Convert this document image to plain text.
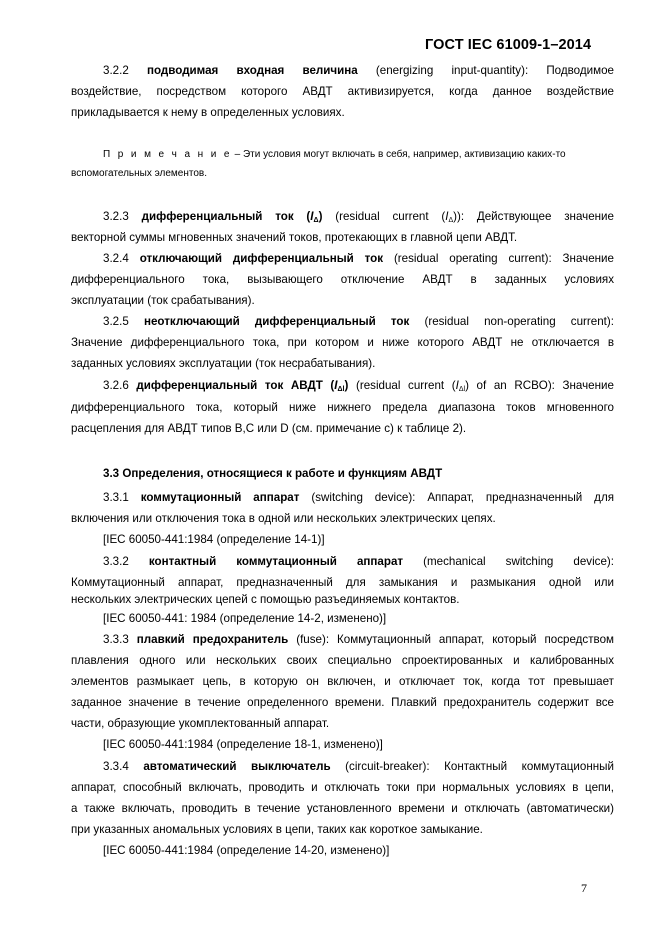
ГОСТ IEC 61009-1–2014
3.2.2 подводимая входная величина (energizing input-quantity): Подводимое
воздействие, посредством которого АВДТ активизируется, когда данное воздействие
прикладывается к нему в определенных условиях.
П р и м е ч а н и е – Эти условия могут включать в себя, например, активизацию каких-то
вспомогательных элементов.
3.2.3 дифференциальный ток $(I_\Delta)$ (residual current $(I_\Delta)$): Действующее значение
векторной суммы мгновенных значений токов, протекающих в главной цепи АВДТ.
3.2.4 отключающий дифференциальный ток (residual operating current): Значение
дифференциального тока, вызывающего отключение АВДТ в заданных условиях
эксплуатации (ток срабатывания).
3.2.5 неотключающий дифференциальный ток (residual non-operating current):
Значение дифференциального тока, при котором и ниже которого АВДТ не отключается в
заданных условиях эксплуатации (ток несрабатывания).
3.2.6 дифференциальный ток АВДТ $(I_{\Delta l})$ (residual current $(I_{\Delta l})$ of an RCBO): Значение
дифференциального тока, который ниже нижнего предела диапазона токов мгновенного
расцепления для АВДТ типов B,C или D (см. примечание с) к таблице 2).
3.3 Определения, относящиеся к работе и функциям АВДТ
3.3.1 коммутационный аппарат (switching device): Аппарат, предназначенный для
включения или отключения тока в одной или нескольких электрических цепях.
[IEC 60050-441:1984 (определение 14-1)]
3.3.2 контактный коммутационный аппарат (mechanical switching device):
Коммутационный аппарат, предназначенный для замыкания и размыкания одной или
нескольких электрических цепей с помощью разъединяемых контактов.
[IEC 60050-441: 1984 (определение 14-2, изменено)]
3.3.3 плавкий предохранитель (fuse): Коммутационный аппарат, который посредством
плавления одного или нескольких своих специально спроектированных и калиброванных
элементов размыкает цепь, в которую он включен, и отключает ток, когда тот превышает
заданное значение в течение определенного времени. Плавкий предохранитель содержит все
части, образующие укомплектованный аппарат.
[IEC 60050-441:1984 (определение 18-1, изменено)]
3.3.4 автоматический выключатель (circuit-breaker): Контактный коммутационный
аппарат, способный включать, проводить и отключать токи при нормальных условиях в цепи,
а также включать, проводить в течение установленного времени и отключать (автоматически)
при указанных аномальных условиях в цепи, таких как короткое замыкание.
[IEC 60050-441:1984 (определение 14-20, изменено)]
7
